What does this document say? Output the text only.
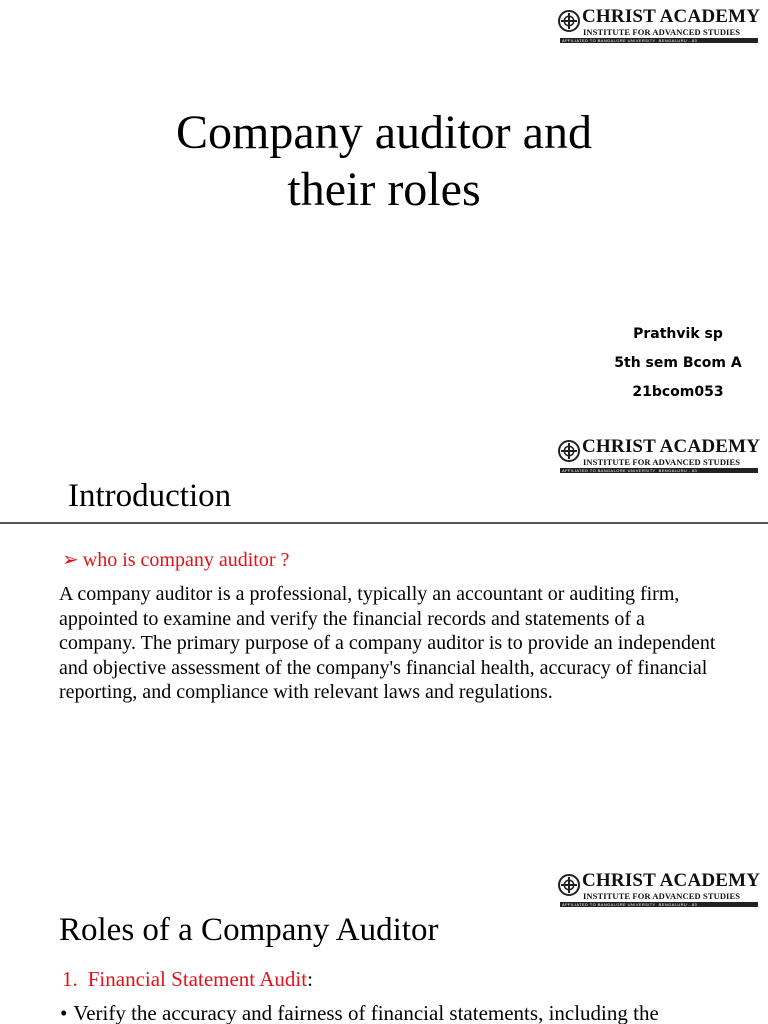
CHRIST ACADEMY
INSTITUTE FOR ADVANCED STUDIES
AFFILIATED TO BANGALORE UNIVERSITY BENGALURU - 83
Company auditor and
their roles
Prathvik sp
5th sem Bcom A
21bcom053
CHRIST ACADEMY
INSTITUTE FOR ADVANCED STUDIES
AFFILIATED TO BANGALORE UNIVERSITY BENGALURU - 83
Introduction
➢ who is company auditor ?

A company auditor is a professional, typically an accountant or auditing firm, appointed to examine and verify the financial records and statements of a company. The primary purpose of a company auditor is to provide an independent and objective assessment of the company's financial health, accuracy of financial reporting, and compliance with relevant laws and regulations.

CHRIST ACADEMY
INSTITUTE FOR ADVANCED STUDIES
AFFILIATED TO BANGALORE UNIVERSITY BENGALURU - 83
Roles of a Company Auditor
1. Financial Statement Audit:
• Verify the accuracy and fairness of financial statements, including the
